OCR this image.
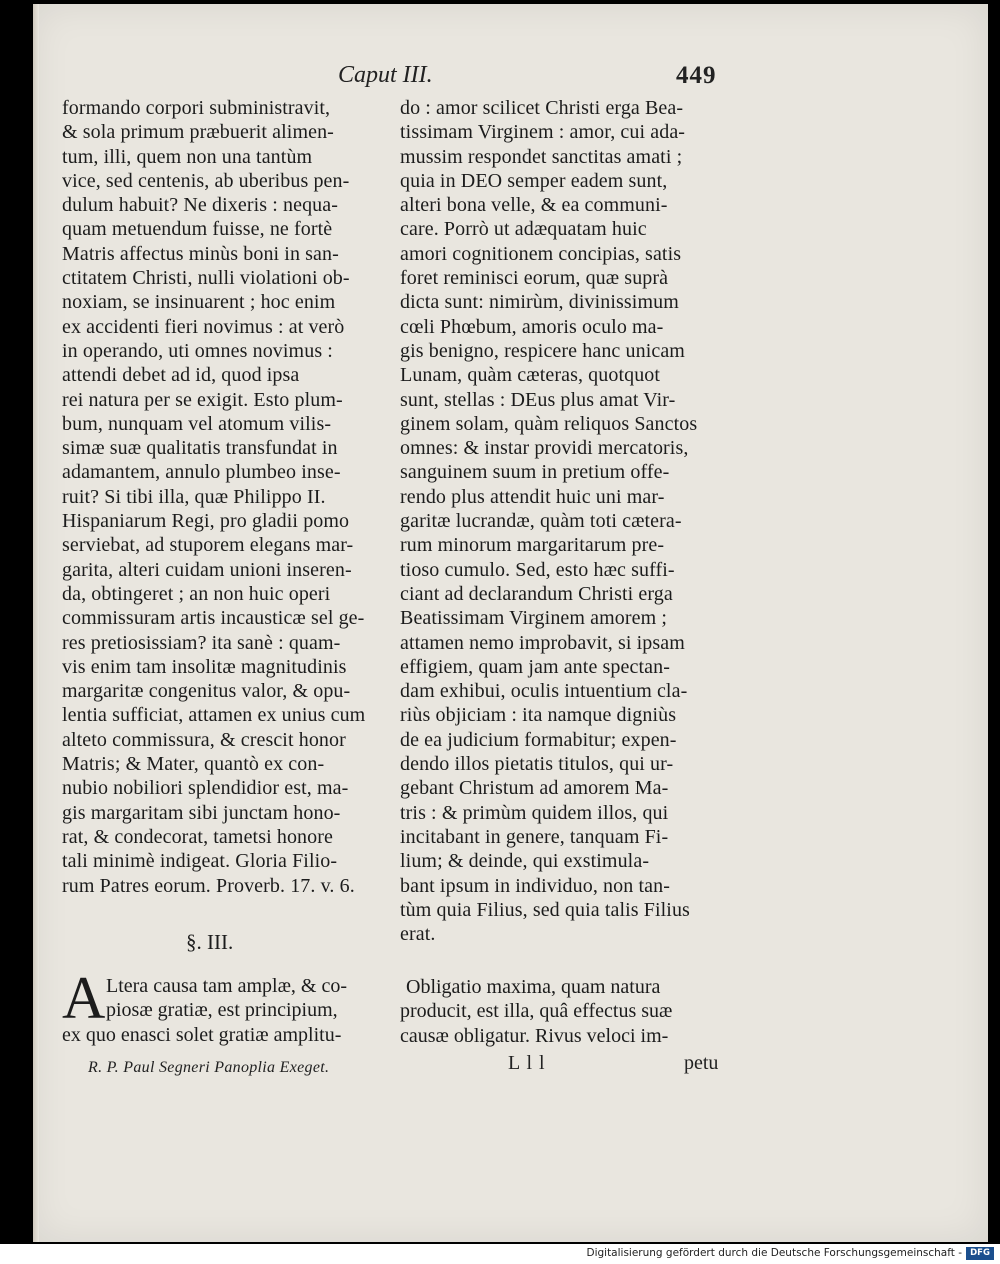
Caput III.	449
formando corpori subministravit,
& sola primum præbuerit alimen-
tum, illi, quem non una tantùm
vice, sed centenis, ab uberibus pen-
dulum habuit? Ne dixeris : nequa-
quam metuendum fuisse, ne fortè
Matris affectus minùs boni in san-
ctitatem Christi, nulli violationi ob-
noxiam, se insinuarent ; hoc enim
ex accidenti fieri novimus : at verò
in operando, uti omnes novimus :
attendi debet ad id, quod ipsa
rei natura per se exigit. Esto plum-
bum, nunquam vel atomum vilis-
simæ suæ qualitatis transfundat in
adamantem, annulo plumbeo inse-
ruit? Si tibi illa, quæ Philippo II.
Hispaniarum Regi, pro gladii pomo
serviebat, ad stuporem elegans mar-
garita, alteri cuidam unioni inseren-
da, obtingeret ; an non huic operi
commissuram artis incausticæ sel ge-
res pretiosissiam? ita sanè : quam-
vis enim tam insolitæ magnitudinis
margaritæ congenitus valor, & opu-
lentia sufficiat, attamen ex unius cum
alteto commissura, & crescit honor
Matris; & Mater, quantò ex con-
nubio nobiliori splendidior est, ma-
gis margaritam sibi junctam hono-
rat, & condecorat, tametsi honore
tali minimè indigeat. Gloria Filio-
rum Patres eorum. Proverb. 17. v. 6.
do : amor scilicet Christi erga Bea-
tissimam Virginem : amor, cui ada-
mussim respondet sanctitas amati ;
quia in DEO semper eadem sunt,
alteri bona velle, & ea communi-
care. Porrò ut adæquatam huic
amori cognitionem concipias, satis
foret reminisci eorum, quæ suprà
dicta sunt: nimirùm, divinissimum
cœli Phœbum, amoris oculo ma-
gis benigno, respicere hanc unicam
Lunam, quàm cæteras, quotquot
sunt, stellas : DEus plus amat Vir-
ginem solam, quàm reliquos Sanctos
omnes: & instar providi mercatoris,
sanguinem suum in pretium offe-
rendo plus attendit huic uni mar-
garitæ lucrandæ, quàm toti cætera-
rum minorum margaritarum pre-
tioso cumulo. Sed, esto hæc suffi-
ciant ad declarandum Christi erga
Beatissimam Virginem amorem ;
attamen nemo improbavit, si ipsam
effigiem, quam jam ante spectan-
dam exhibui, oculis intuentium cla-
riùs objiciam : ita namque digniùs
de ea judicium formabitur; expen-
dendo illos pietatis titulos, qui ur-
gebant Christum ad amorem Ma-
tris : & primùm quidem illos, qui
incitabant in genere, tanquam Fi-
lium; & deinde, qui exstimula-
bant ipsum in individuo, non tan-
tùm quia Filius, sed quia talis Filius
erat.
§. III.
A Ltera causa tam amplæ, & co-
piosæ gratiæ, est principium,
ex quo enasci solet gratiæ amplitu-
Obligatio maxima, quam natura
producit, est illa, quâ effectus suæ
causæ obligatur. Rivus veloci im-
R. P. Paul Segneri Panoplia Exeget.	L l l	petu
Digitalisierung gefördert durch die Deutsche Forschungsgemeinschaft - DFG
